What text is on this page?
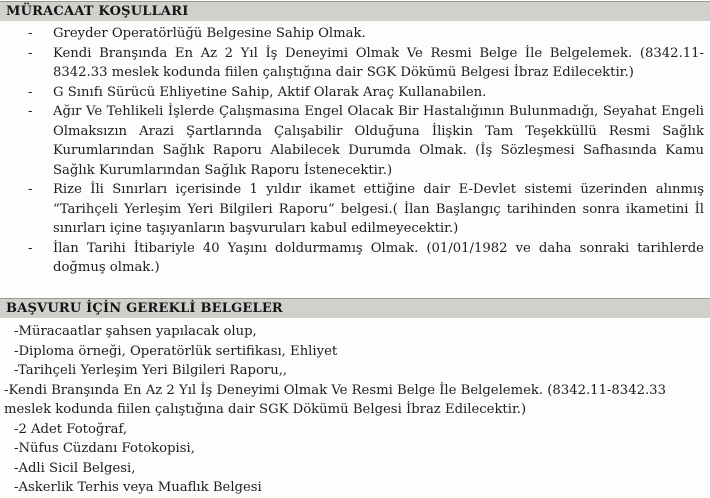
MÜRACAAT KOŞULLARI
- Greyder Operatörlüğü Belgesine Sahip Olmak.
- Kendi Branşında En Az 2 Yıl İş Deneyimi Olmak Ve Resmi Belge İle Belgelemek. (8342.11-8342.33 meslek kodunda fiilen çalıştığına dair SGK Dökümü Belgesi İbraz Edilecektir.)
- G Sınıfı Sürücü Ehliyetine Sahip, Aktif Olarak Araç Kullanabilen.
- Ağır Ve Tehlikeli İşlerde Çalışmasına Engel Olacak Bir Hastalığının Bulunmadığı, Seyahat Engeli Olmaksızın Arazi Şartlarında Çalışabilir Olduğuna İlişkin Tam Teşekküllü Resmi Sağlık Kurumlarından Sağlık Raporu Alabilecek Durumda Olmak. (İş Sözleşmesi Safhasında Kamu Sağlık Kurumlarından Sağlık Raporu İstenecektir.)
- Rize İli Sınırları içerisinde 1 yıldır ikamet ettiğine dair E-Devlet sistemi üzerinden alınmış “Tarihçeli Yerleşim Yeri Bilgileri Raporu” belgesi.( İlan Başlangıç tarihinden sonra ikametini İl sınırları içine taşıyanların başvuruları kabul edilmeyecektir.)
- İlan Tarihi İtibariyle 40 Yaşını doldurmamış Olmak. (01/01/1982 ve daha sonraki tarihlerde doğmuş olmak.)
BAŞVURU İÇİN GEREKLİ BELGELER
-Müracaatlar şahsen yapılacak olup,
-Diploma örneği, Operatörlük sertifikası, Ehliyet
-Tarihçeli Yerleşim Yeri Bilgileri Raporu,,
-Kendi Branşında En Az 2 Yıl İş Deneyimi Olmak Ve Resmi Belge İle Belgelemek. (8342.11-8342.33 meslek kodunda fiilen çalıştığına dair SGK Dökümü Belgesi İbraz Edilecektir.)
-2 Adet Fotoğraf,
-Nüfus Cüzdanı Fotokopisi,
-Adli Sicil Belgesi,
-Askerlik Terhis veya Muaflık Belgesi
